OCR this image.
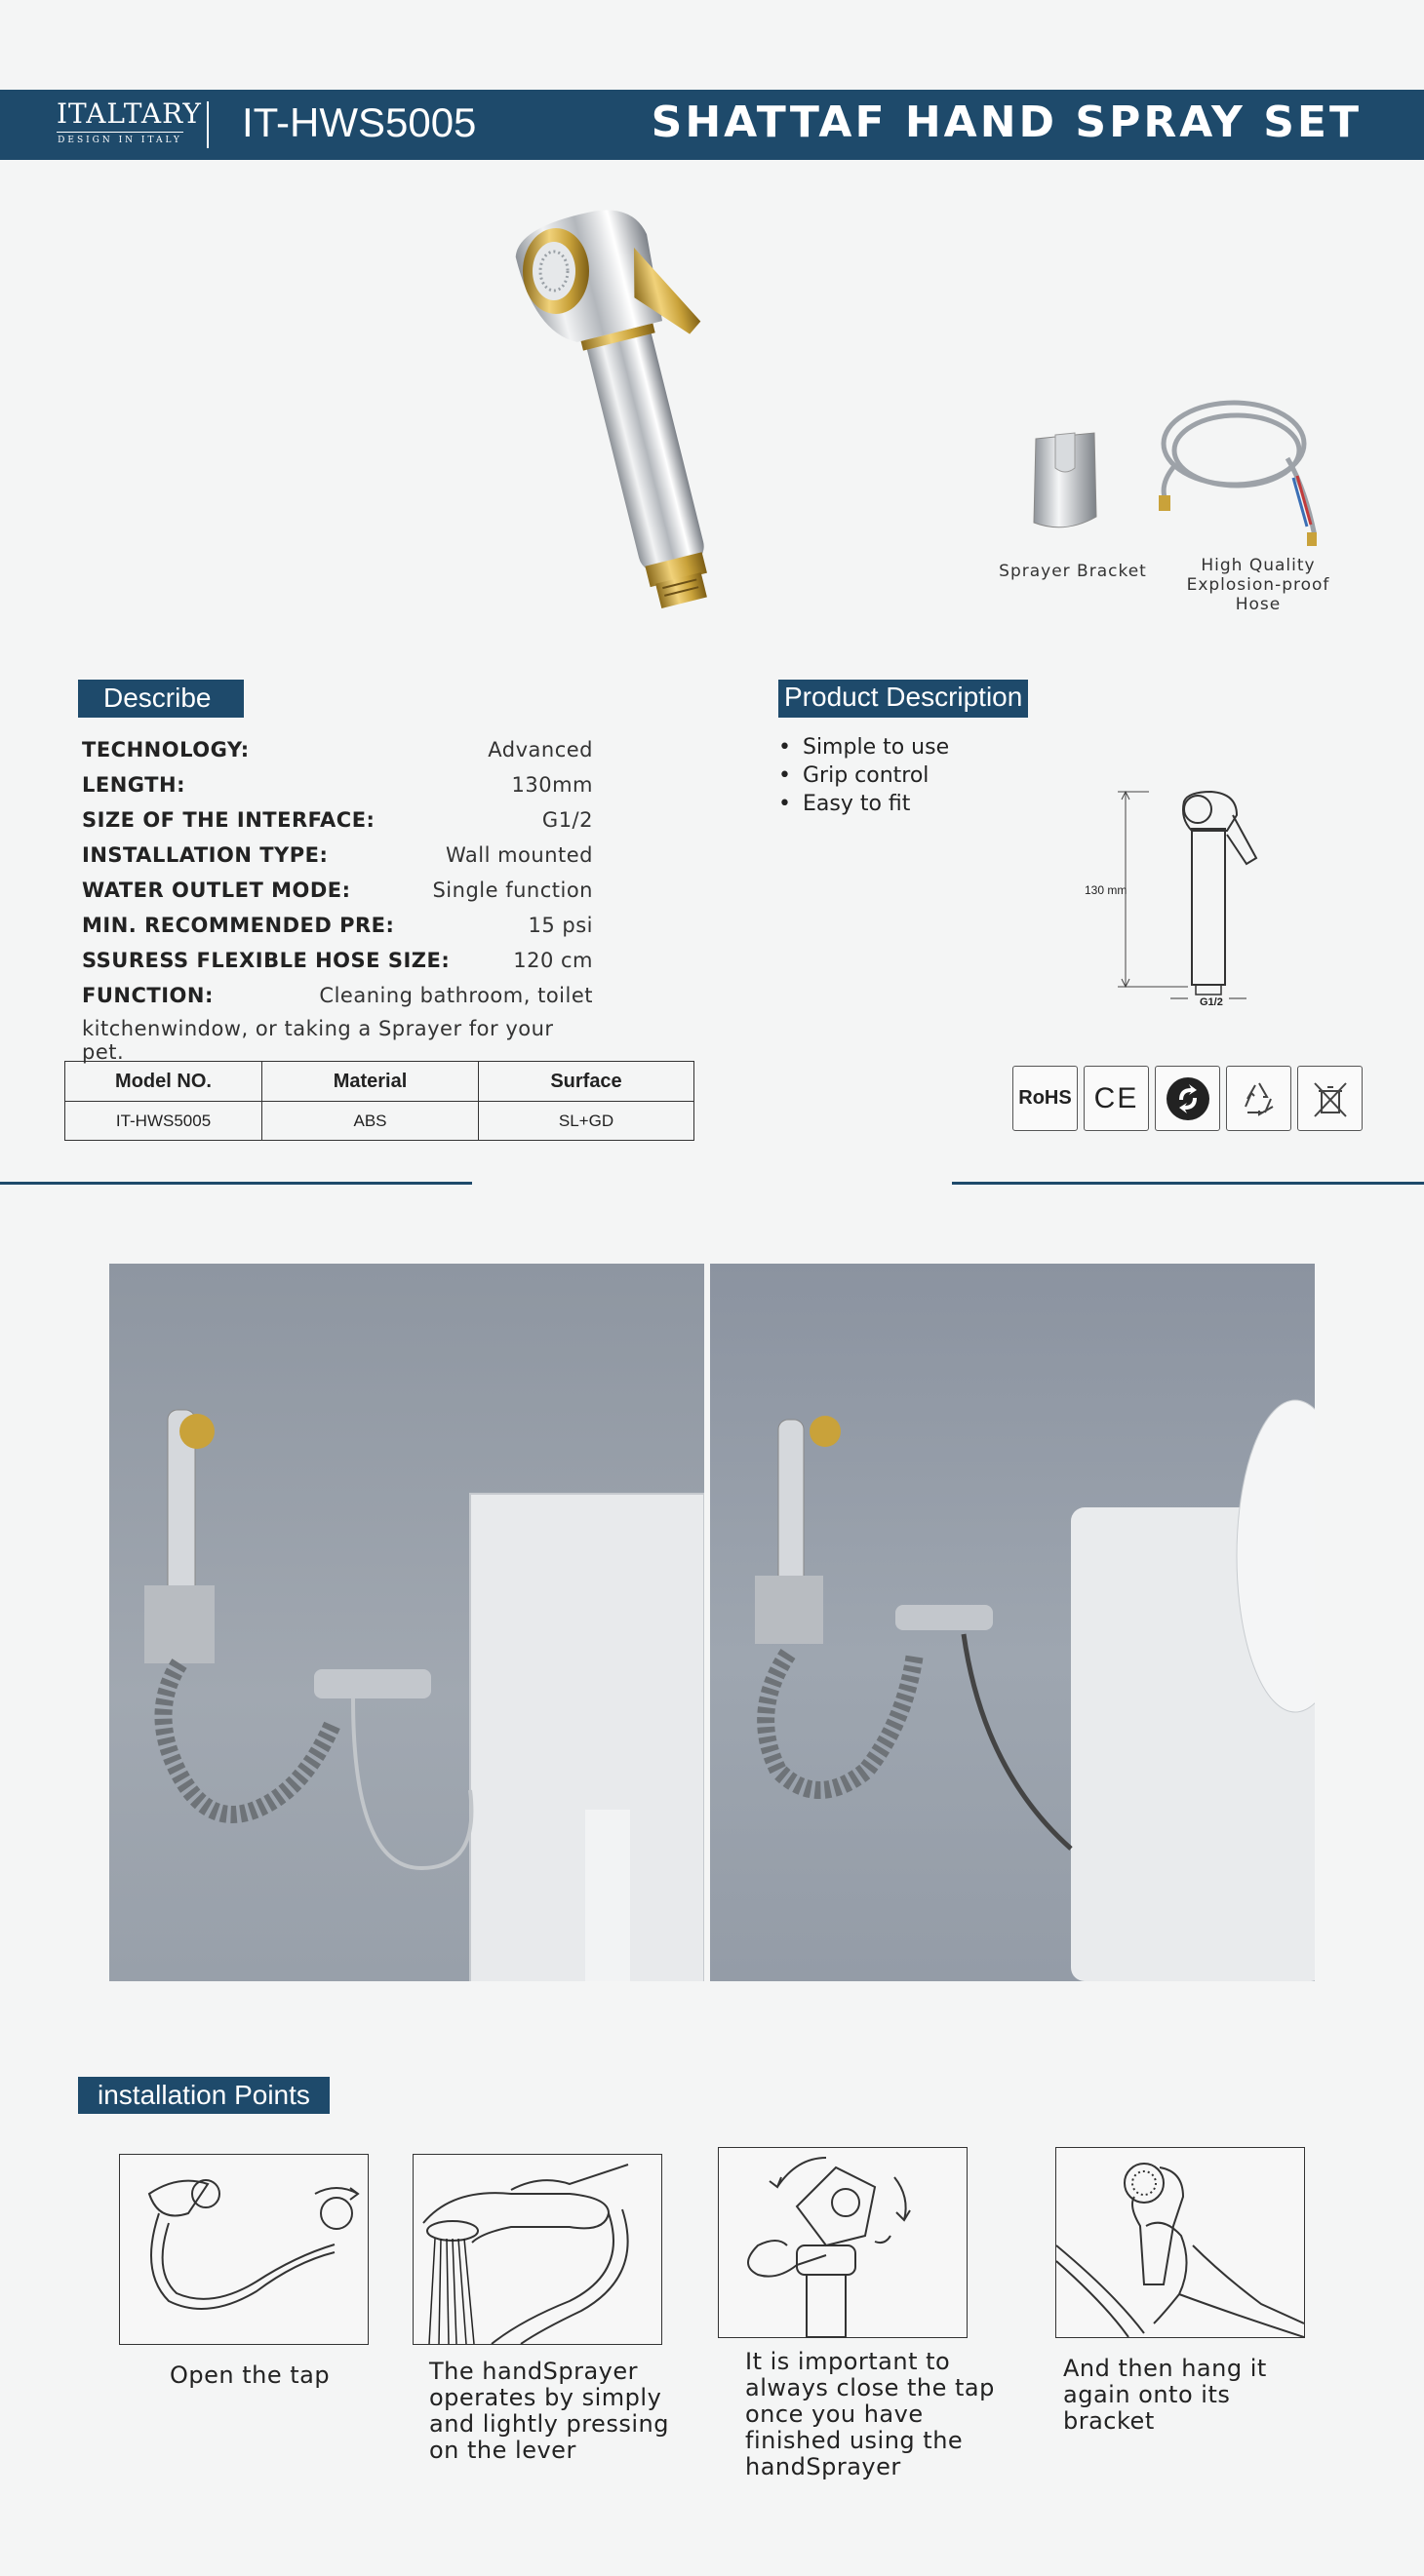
ITALTARY
DESIGN IN ITALY IT-HWS5005	SHATTAF HAND SPRAY SET
Sprayer Bracket	High Quality Explosion-proof Hose
Describe
TECHNOLOGY:	Advanced
LENGTH:	130mm
SIZE OF THE INTERFACE:	G1/2
INSTALLATION TYPE:	Wall mounted
WATER OUTLET MODE:	Single function
MIN. RECOMMENDED PRE:	15 psi
SSURESS FLEXIBLE HOSE SIZE:	120 cm
FUNCTION:	Cleaning bathroom, toilet
kitchenwindow, or taking a Sprayer for your pet.
Model NO.	Material	Surface
IT-HWS5005	ABS	SL+GD
Product Description
• Simple to use
• Grip control
• Easy to fit
130 mm
G1/2
RoHS CE
installation Points
Open the tap	The handSprayer operates by simply and lightly pressing on the lever
It is important to always close the tap once you have finished using the handSprayer
And then hang it again onto its bracket
